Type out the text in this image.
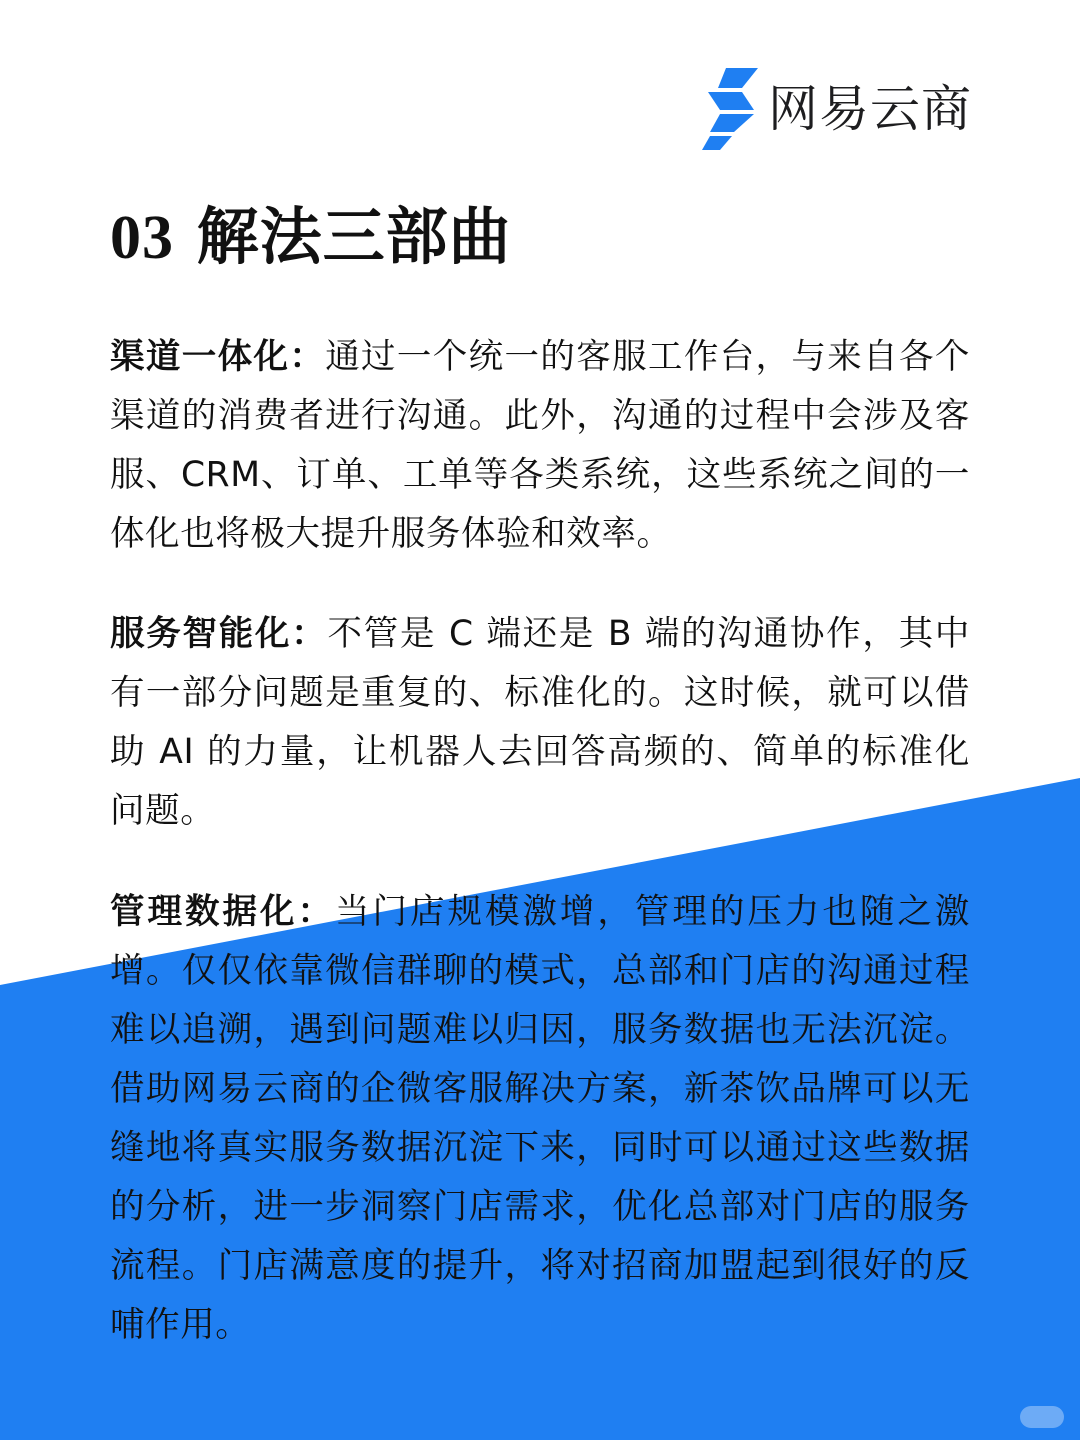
网易云商
03 解法三部曲

渠道一体化：通过一个统一的客服工作台，与来自各个渠道的消费者进行沟通。此外，沟通的过程中会涉及客服、CRM、订单、工单等各类系统，这些系统之间的一体化也将极大提升服务体验和效率。

服务智能化：不管是 C 端还是 B 端的沟通协作，其中有一部分问题是重复的、标准化的。这时候，就可以借助 AI 的力量，让机器人去回答高频的、简单的标准化问题。

管理数据化：当门店规模激增，管理的压力也随之激增。仅仅依靠微信群聊的模式，总部和门店的沟通过程难以追溯，遇到问题难以归因，服务数据也无法沉淀。借助网易云商的企微客服解决方案，新茶饮品牌可以无缝地将真实服务数据沉淀下来，同时可以通过这些数据的分析，进一步洞察门店需求，优化总部对门店的服务流程。门店满意度的提升，将对招商加盟起到很好的反哺作用。
